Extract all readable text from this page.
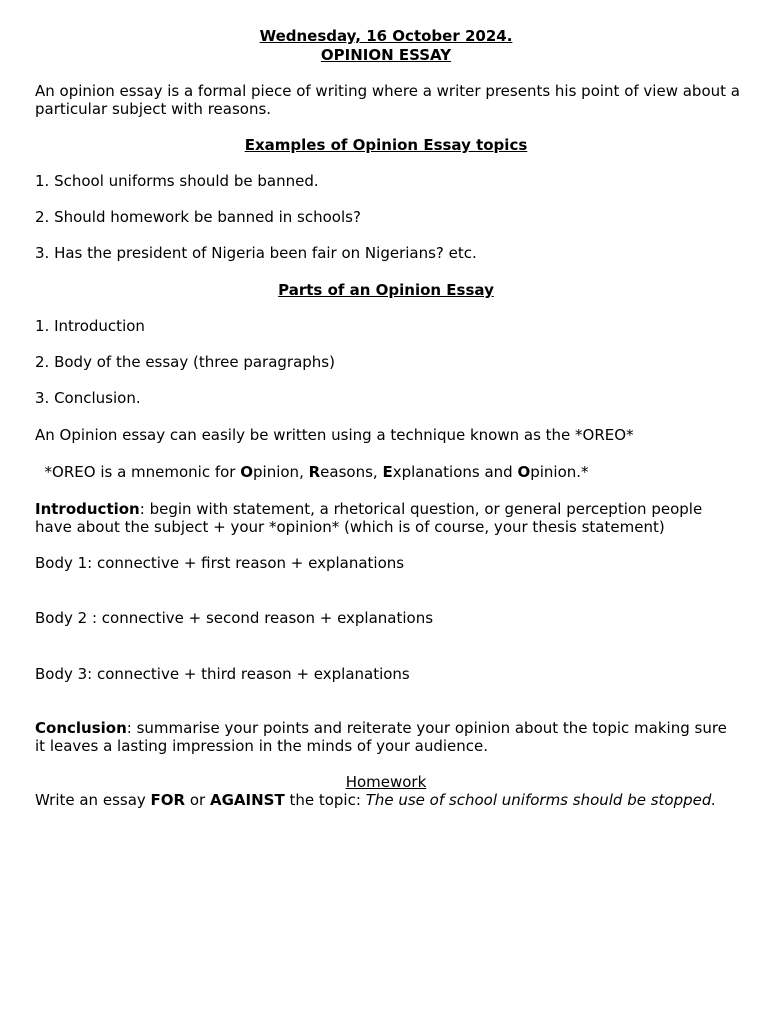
Wednesday, 16 October 2024.

OPINION ESSAY

An opinion essay is a formal piece of writing where a writer presents his point of view about a particular subject with reasons.

Examples of Opinion Essay topics

1. School uniforms should be banned.

2. Should homework be banned in schools?

3. Has the president of Nigeria been fair on Nigerians? etc.

Parts of an Opinion Essay

1. Introduction

2. Body of the essay (three paragraphs)

3. Conclusion.

An Opinion essay can easily be written using a technique known as the *OREO*

*OREO is a mnemonic for Opinion, Reasons, Explanations and Opinion.*

Introduction: begin with statement, a rhetorical question, or general perception people have about the subject + your *opinion* (which is of course, your thesis statement)

Body 1: connective + first reason + explanations

Body 2 : connective + second reason + explanations

Body 3: connective + third reason + explanations

Conclusion: summarise your points and reiterate your opinion about the topic making sure it leaves a lasting impression in the minds of your audience.

Homework

Write an essay FOR or AGAINST the topic: The use of school uniforms should be stopped.
